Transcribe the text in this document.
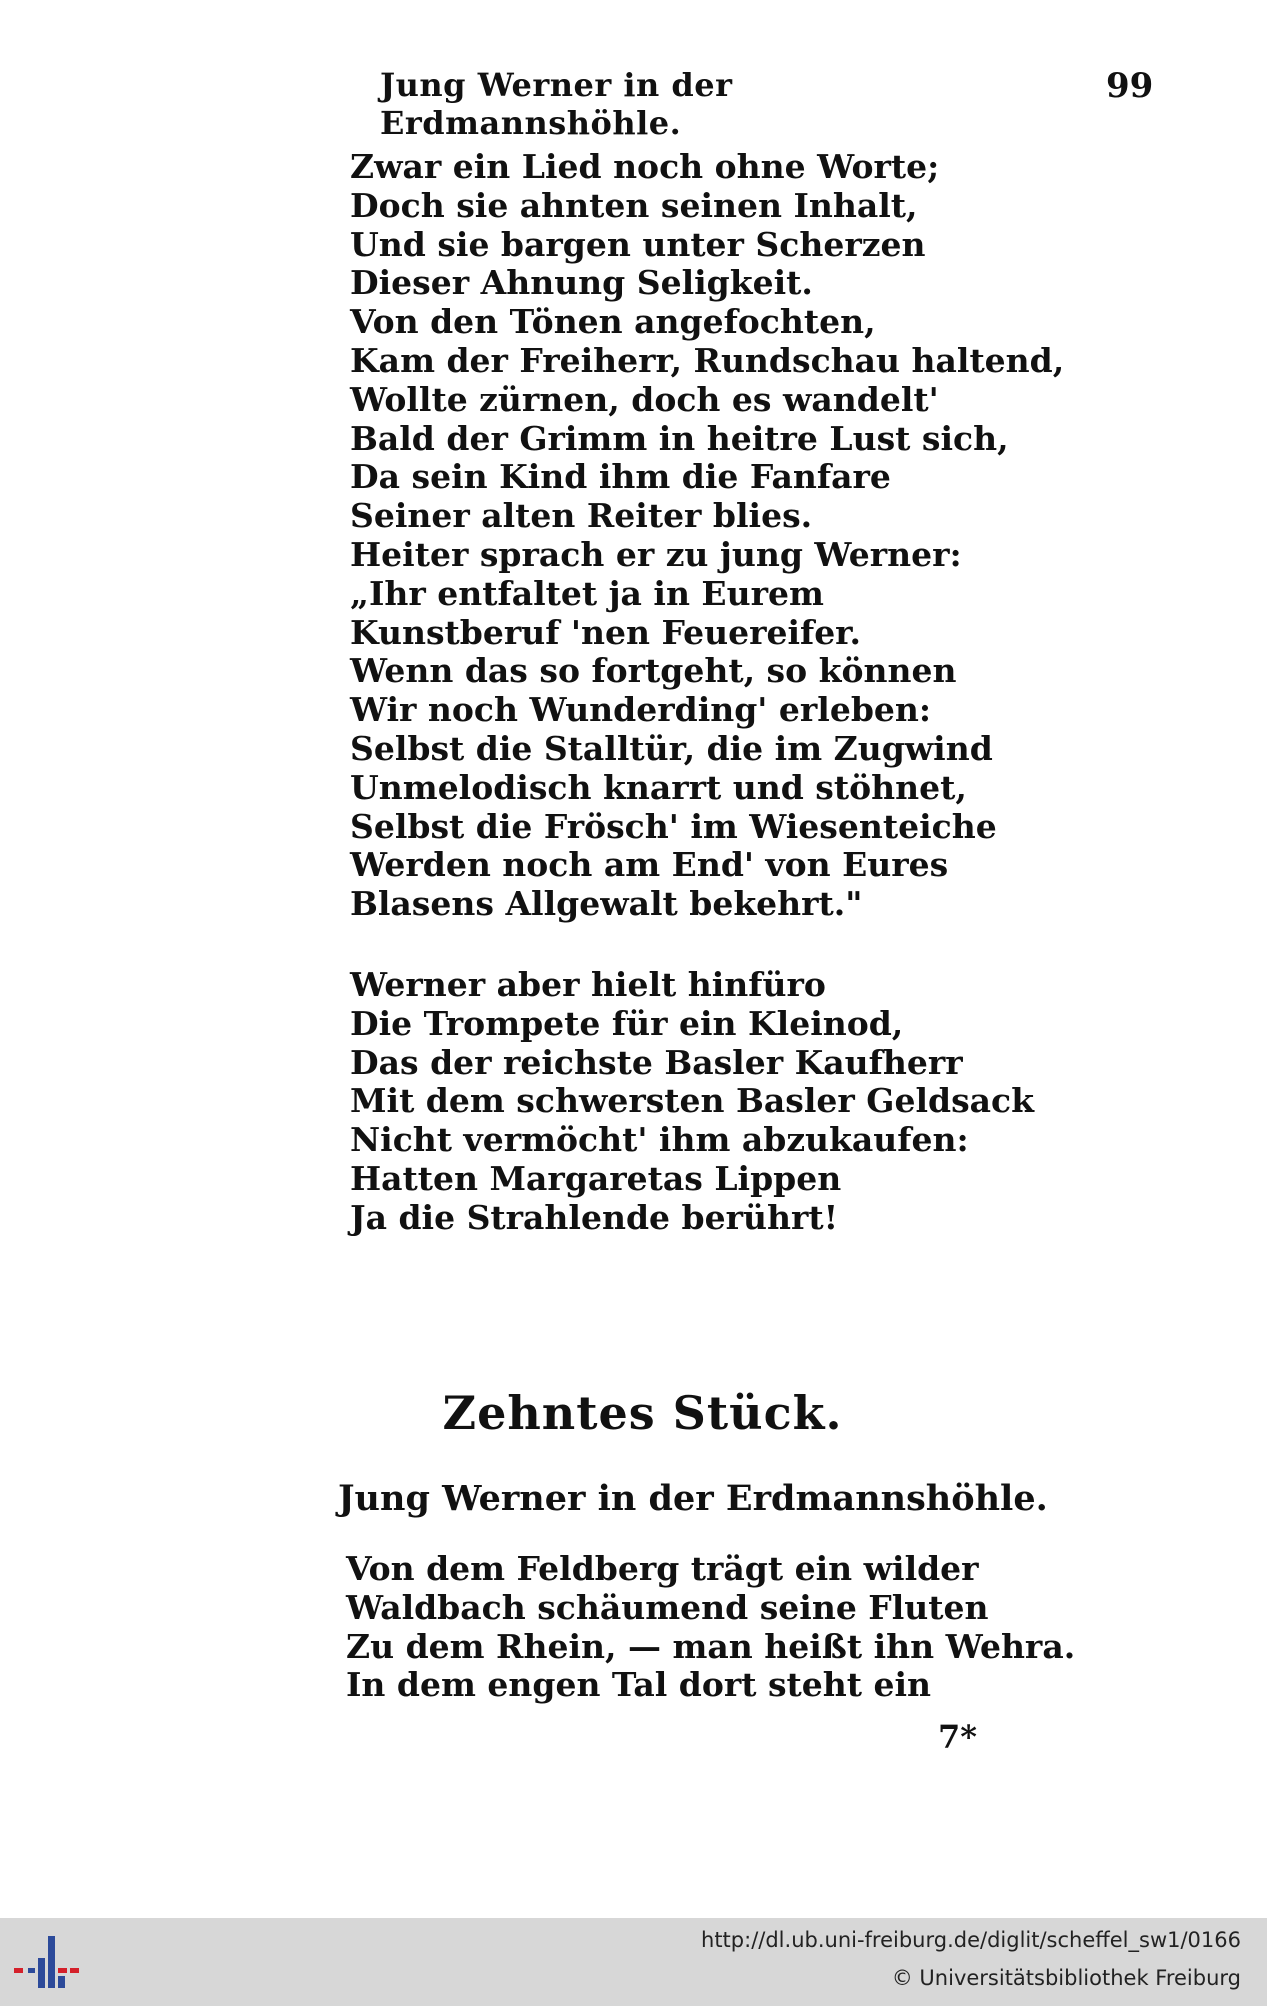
Jung Werner in der Erdmannshöhle.
99
Zwar ein Lied noch ohne Worte;
Doch sie ahnten seinen Inhalt,
Und sie bargen unter Scherzen
Dieser Ahnung Seligkeit.
Von den Tönen angefochten,
Kam der Freiherr, Rundschau haltend,
Wollte zürnen, doch es wandelt'
Bald der Grimm in heitre Lust sich,
Da sein Kind ihm die Fanfare
Seiner alten Reiter blies.
Heiter sprach er zu jung Werner:
„Ihr entfaltet ja in Eurem
Kunstberuf 'nen Feuereifer.
Wenn das so fortgeht, so können
Wir noch Wunderding' erleben:
Selbst die Stalltür, die im Zugwind
Unmelodisch knarrt und stöhnet,
Selbst die Frösch' im Wiesenteiche
Werden noch am End' von Eures
Blasens Allgewalt bekehrt."
Werner aber hielt hinfüro
Die Trompete für ein Kleinod,
Das der reichste Basler Kaufherr
Mit dem schwersten Basler Geldsack
Nicht vermöcht' ihm abzukaufen:
Hatten Margaretas Lippen
Ja die Strahlende berührt!
Zehntes Stück.
Jung Werner in der Erdmannshöhle.
Von dem Feldberg trägt ein wilder
Waldbach schäumend seine Fluten
Zu dem Rhein, — man heißt ihn Wehra.
In dem engen Tal dort steht ein
7*
http://dl.ub.uni-freiburg.de/diglit/scheffel_sw1/0166
© Universitätsbibliothek Freiburg
